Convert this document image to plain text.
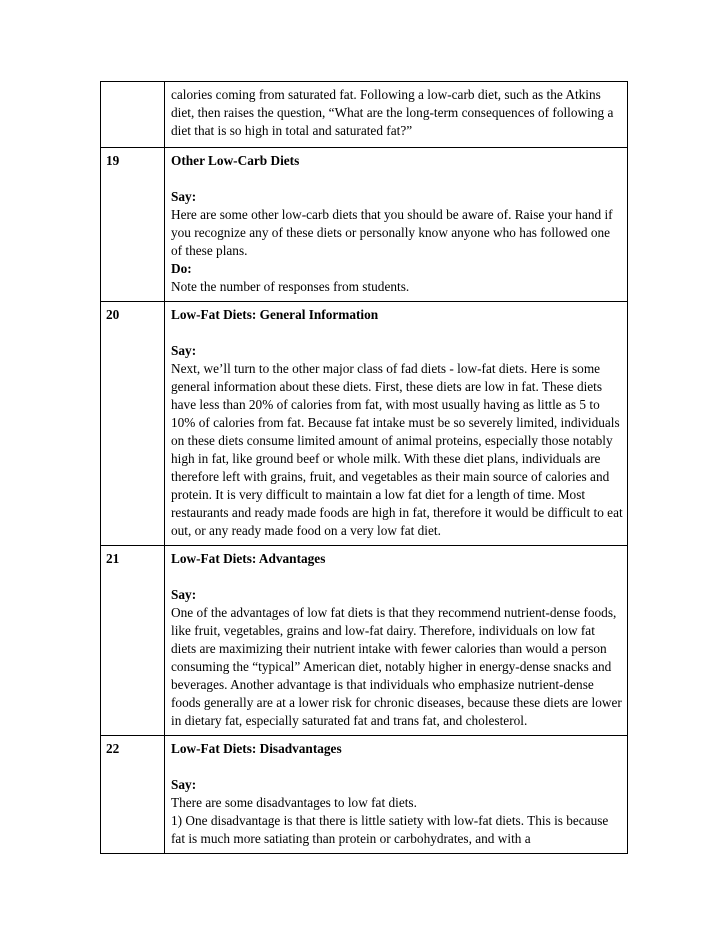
	calories coming from saturated fat. Following a low-carb diet, such as the Atkins diet, then raises the question, “What are the long-term consequences of following a diet that is so high in total and saturated fat?”

19	Other Low-Carb Diets
Say:
Here are some other low-carb diets that you should be aware of. Raise your hand if you recognize any of these diets or personally know anyone who has followed one of these plans.
Do:
Note the number of responses from students.

20	Low-Fat Diets: General Information
Say:
Next, we’ll turn to the other major class of fad diets - low-fat diets. Here is some general information about these diets. First, these diets are low in fat. These diets have less than 20% of calories from fat, with most usually having as little as 5 to 10% of calories from fat. Because fat intake must be so severely limited, individuals on these diets consume limited amount of animal proteins, especially those notably high in fat, like ground beef or whole milk. With these diet plans, individuals are therefore left with grains, fruit, and vegetables as their main source of calories and protein. It is very difficult to maintain a low fat diet for a length of time. Most restaurants and ready made foods are high in fat, therefore it would be difficult to eat out, or any ready made food on a very low fat diet.

21	Low-Fat Diets: Advantages
Say:
One of the advantages of low fat diets is that they recommend nutrient-dense foods, like fruit, vegetables, grains and low-fat dairy. Therefore, individuals on low fat diets are maximizing their nutrient intake with fewer calories than would a person consuming the “typical” American diet, notably higher in energy-dense snacks and beverages. Another advantage is that individuals who emphasize nutrient-dense foods generally are at a lower risk for chronic diseases, because these diets are lower in dietary fat, especially saturated fat and trans fat, and cholesterol.

22	Low-Fat Diets: Disadvantages
Say:
There are some disadvantages to low fat diets.
1) One disadvantage is that there is little satiety with low-fat diets. This is because fat is much more satiating than protein or carbohydrates, and with a
